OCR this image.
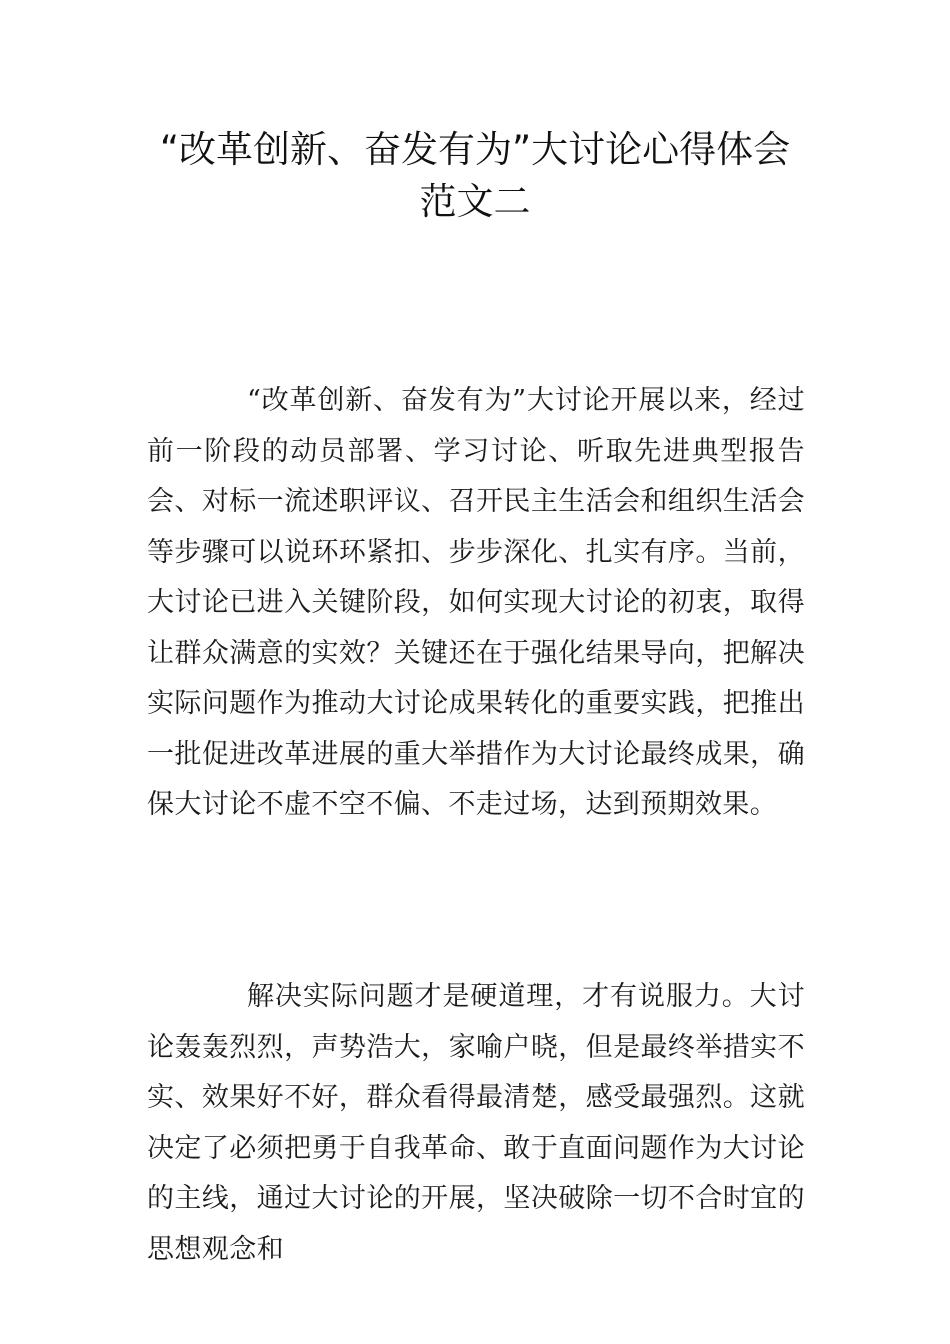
“改革创新、奋发有为”大讨论心得体会
范文二

“改革创新、奋发有为”大讨论开展以来，经过前一阶段的动员部署、学习讨论、听取先进典型报告会、对标一流述职评议、召开民主生活会和组织生活会等步骤可以说环环紧扣、步步深化、扎实有序。当前，大讨论已进入关键阶段，如何实现大讨论的初衷，取得让群众满意的实效？关键还在于强化结果导向，把解决实际问题作为推动大讨论成果转化的重要实践，把推出一批促进改革进展的重大举措作为大讨论最终成果，确保大讨论不虚不空不偏、不走过场，达到预期效果。

解决实际问题才是硬道理，才有说服力。大讨论轰轰烈烈，声势浩大，家喻户晓，但是最终举措实不实、效果好不好，群众看得最清楚，感受最强烈。这就决定了必须把勇于自我革命、敢于直面问题作为大讨论的主线，通过大讨论的开展，坚决破除一切不合时宜的思想观念和
